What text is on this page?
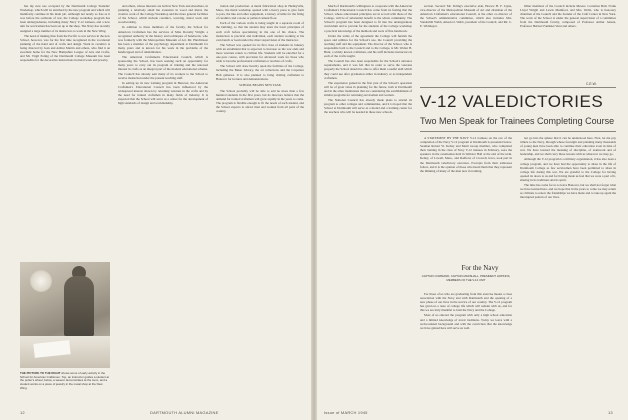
has my new use occupied by the Dartmouth College Students' Workshop, which will be enriched by the new program and which will manifestly continue in his main job. Although not nearly as free as it was before the outbreak of war, the College workshop program has been undergraduates, including many Navy V-12 trainees, and a new unit for servicemen has been set up at the shop. The Navy has recently assigned a large number of its instructors to work in the New Wing.

The need of making thus from the Pacific to war service in the new School, however, was for the first time recognized in the vocational planning of the hand and of crafts and design. Work in ceramics is being directed by Jean and Arthur Martin and others, who find it an excellent home for the New Hampshire League of Arts and Crafts, and Mr. Virgil Poling of the Dartmouth College Museum has been responsible for the decorative instructions in metal work and jewelry.

THE PICTURE TO THE RIGHT shows some of early activity in the School for American Craftsmen. Top, an instructor guides a student at the potter's wheel; below, a weaver demonstrates at the loom, and a student works on a piece of jewelry in the metal shop at the New Wing.

and others, whose interests are both in New York and elsewhere, in planning a relatively small but extensive in wood and metal, the creative work of the College Workshop and the more general facilities of the School, which include ceramics, weaving, metal work and woodworking.

In addition to these members of the faculty, the School for American Craftsmen has the services of Miss Dorothy Wright, a recognized authority in the history and techniques of handwork, who was formerly with the Metropolitan Museum of Art. Mr. Hutchinson has been a member of the psychology department at Dartmouth for many years and is known for his work in the problems of the handicapped and of rehabilitation.

The American Craftsmen's Educational Council, which is sponsoring the School, has been seeking such an opportunity for many years to carry out its program of training and the renewed interest in crafts as an integral part of the modern educational scheme. The Council has already sent many of its workers to the School to receive instruction under the present teaching staff.

In setting up its new training program in Hanover, the American Craftsmen's Educational Council has been influenced by the widespread interest shown by returning veterans in the crafts and by the need for trained craftsmen in many fields of industry. It is expected that the School will serve as a center for the development of high standards of design and workmanship.

tration and production. A metal fabrication shop in Hadleyville, Mass., the metal workshop opened with a heavy press to give form to pots, the like and other equipment, a battery of kilns for the firing of ceramics and a stone or painted cement floor.

Each of the various crafts is being taught in a separate room of the building, so that the student may learn the basic principles of each craft before specializing in the one of his choice. The instruction is practical and individual, each student working at his own bench or loom under the direct supervision of the instructor.

The School was opened for its first class of students in January with an enrollment that is expected to increase as the war ends and more veterans return to civilian life. Students will be enrolled for a one-year course, with provision for advanced work for those who wish to become professional craftsmen or teachers of crafts.

The School will draw heavily upon the facilities of the College, including the Baker Library, the art collections and the Carpenter Hall galleries. It is also planned to bring visiting craftsmen to Hanover for lectures and demonstrations.

SCHOOL BEGINS NEW TASK

The School probably will be able to add no more than a few hundred students in the first years, but its directors believe that the demand for trained craftsmen will grow rapidly in the years to come. The program is flexible enough to fit the needs of each student, and the School expects to attract men and women from all parts of the country.

12	DARTMOUTH ALUMNI MAGAZINE

Much of Dartmouth's willingness to cooperate with the American Craftsmen's Educational Council has come from its feeling that the School, whose educational principles are in accord with those of the College, will be of substantial benefit to the whole community. The School's program has been designed to fit into the undergraduate curriculum and to provide for the students of the College workshop a practical knowledge of the methods and tools of fine handwork.

Under the terms of the agreement the College will furnish the space and utilities for the School's use, the Council providing the teaching staff and the equipment. The director of the School, who is responsible both to the Council and to the College, is Mr. Walter B. Hunt, a widely known craftsman, and his staff includes instructors in each of the crafts taught.

The Council has also been responsible for the School's entrance requirements, and it was felt that in order to serve the veterans properly the School should be able to offer them a useful skill which they could use after graduation either in industry or as independent craftsmen.

The experience gained in the first year of the School's operation will be of great value in planning for the future, both at Dartmouth and in the other institutions that are considering the establishment of similar programs for returning servicemen and women.

The National Council has already made plans to extend its program to other colleges and communities, and it is hoped that the School at Dartmouth will serve as a model and a training center for the teachers who will be needed in these new schools.

section. Second: Mr. Poling's executive aide, Horace H. F. Jayne, vice-director of the Metropolitan Museum of Art and chairman of the American Craftsmen's educational Council, is the other co-director of the School's administrative committee, which also includes Mrs. Vanderbilt Webb, Aileen O. Webb, president of the Council, and Mr. C. E. Widmayer.

Other members of the Council include Messrs. Cornelius Bull, Frank Lloyd Wright and Lewis Mumford, and Mrs. Webb, who is honorary chairman of the Council and the founder of the Craft Center in New York. The work of the School is under the general supervision of a committee from the Dartmouth faculty, composed of Professor Arthur Jensen, Professor Herbert Faulkner West and others.

C.E.W.
V-12 VALEDICTORIES
Two Men Speak for Trainees Completing Course

A STATEMENT BY THE NAVY V-12 trainees on the eve of the completion of the Navy V-12 program at Dartmouth is presented below. Seaman Robert W. Kelley and Merit Group member, who completed their training in the class of Navy V-12 trainees in February, were the speakers in the ceremonies held in Webster Hall at the end of the term. Kelley, of Lowell, Mass., and Radford, of Crowell, Iowa, took part in the Dartmouth valedictory exercises. Excerpts from their addresses follow, and it is the opinion of those who heard them that they represent the thinking of many of the men now in training.

For the Navy
CAPTAIN COMMAND, CAPTAIN MARSHALL, PRESIDENT HOPKINS, MEMBERS OF THE V-12 UNIT

For those of us who are graduating from this exercise means a close association with the Navy and with Dartmouth and the opening of a new phase of our lives in the service of our country. The V-12 program has given us a taste of college life which will remain with us, and for this we are truly thankful to both the Navy and the College.

Most of us entered the program with only a high school education and a limited knowledge of naval traditions. Today we leave with a well-rounded background and with the conviction that the knowledge we have gained here will serve us well.

not go into the sphere that it can be understood here. First, let me pay tribute to the Navy, through whose foresight and planning many thousands of young men have been able to continue their education even in time of war. We have learned the meaning of discipline, of teamwork and of leadership, and we shall carry these lessons with us wherever we may go.

Although the V-12 program is a military organization, it has also been a college program, and we have had the opportunity to share in the life of Dartmouth College as few servicemen have been permitted to share in college life during this war. We are grateful to the College for having opened its doors to us and for having made us feel that we were a part of it, sharing in its traditions and its spirit.

The time has come for us to leave Hanover, but we shall not forget what we have learned here, and we hope that in the years to come we may return as civilians to renew the friendships we have made and to take up again the interrupted pattern of our lives.

Issue of MARCH 1945	13
